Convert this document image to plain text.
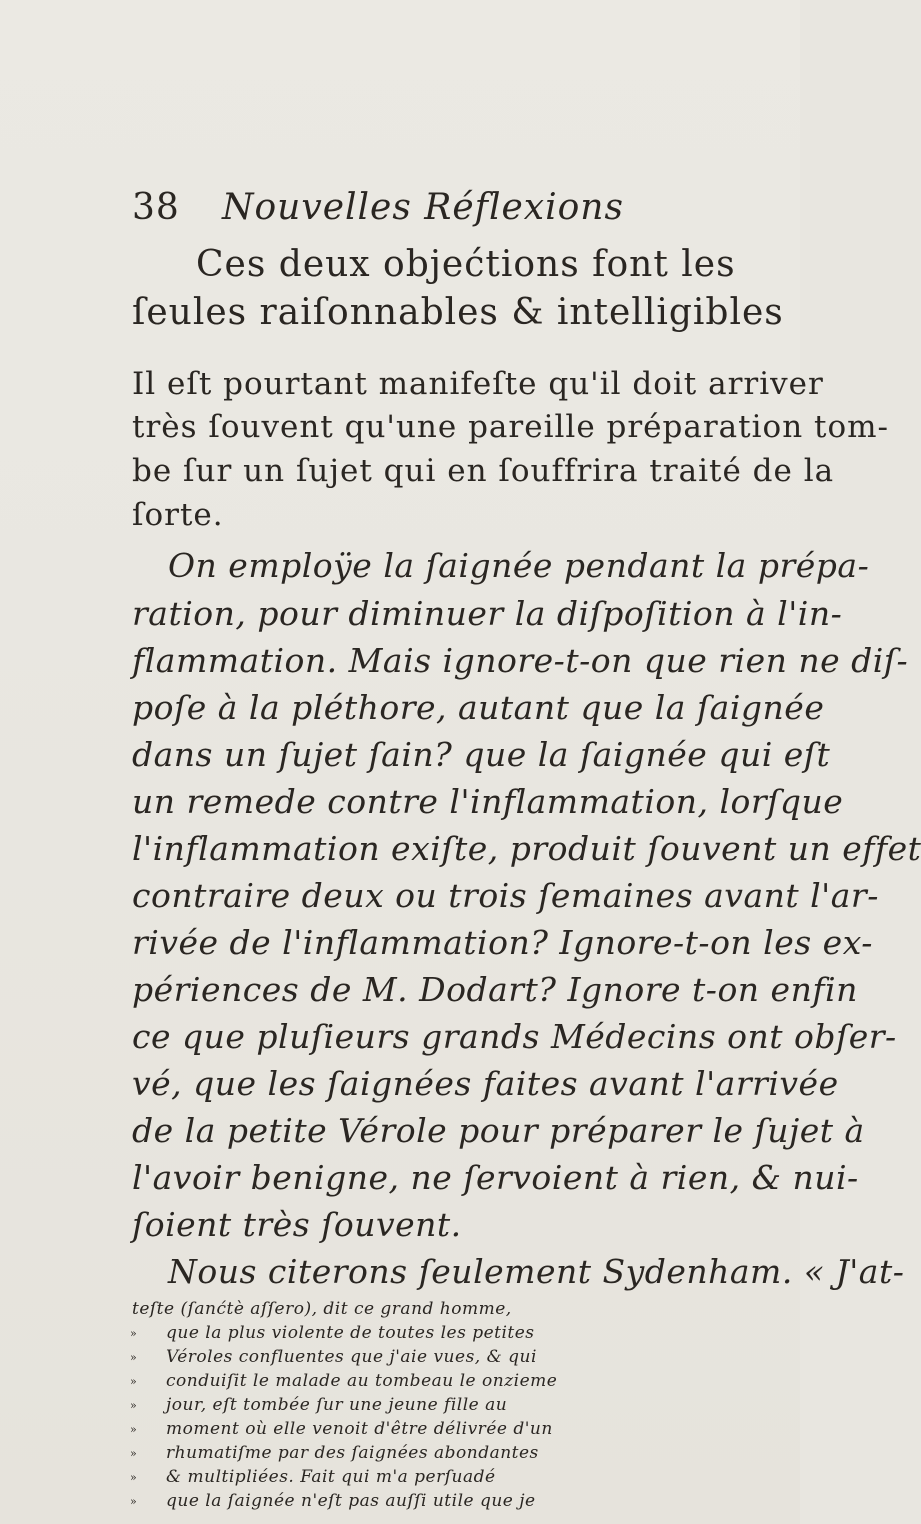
38 Nouvelles Réflexions
Ces deux objećtions font les
ſeules raiſonnables & intelligibles
Il eſt pourtant manifeſte qu'il doit arriver
très ſouvent qu'une pareille préparation tom-
be ſur un ſujet qui en ſouffrira traité de la
ſorte.
On emploÿe la ſaignée pendant la prépa-
ration, pour diminuer la diſpoſition à l'in-
flammation. Mais ignore-t-on que rien ne diſ-
poſe à la pléthore, autant que la ſaignée
dans un ſujet ſain? que la ſaignée qui eſt
un remede contre l'inflammation, lorſque
l'inflammation exiſte, produit ſouvent un effet
contraire deux ou trois ſemaines avant l'ar-
rivée de l'inflammation? Ignore-t-on les ex-
périences de M. Dodart? Ignore t-on enfin
ce que pluſieurs grands Médecins ont obſer-
vé, que les ſaignées faites avant l'arrivée
de la petite Vérole pour préparer le ſujet à
l'avoir benigne, ne ſervoient à rien, & nui-
ſoient très ſouvent.
Nous citerons ſeulement Sydenham. « J'at-
teſte (ſanćtè aſſero), dit ce grand homme,
»	que la plus violente de toutes les petites
»	Véroles confluentes que j'aie vues, & qui
»	conduiſit le malade au tombeau le onzieme
»	jour, eſt tombée ſur une jeune fille au
»	moment où elle venoit d'être délivrée d'un
»	rhumatiſme par des ſaignées abondantes
»	& multipliées. Fait qui m'a perſuadé
»	que la ſaignée n'eſt pas auſſi utile que je
